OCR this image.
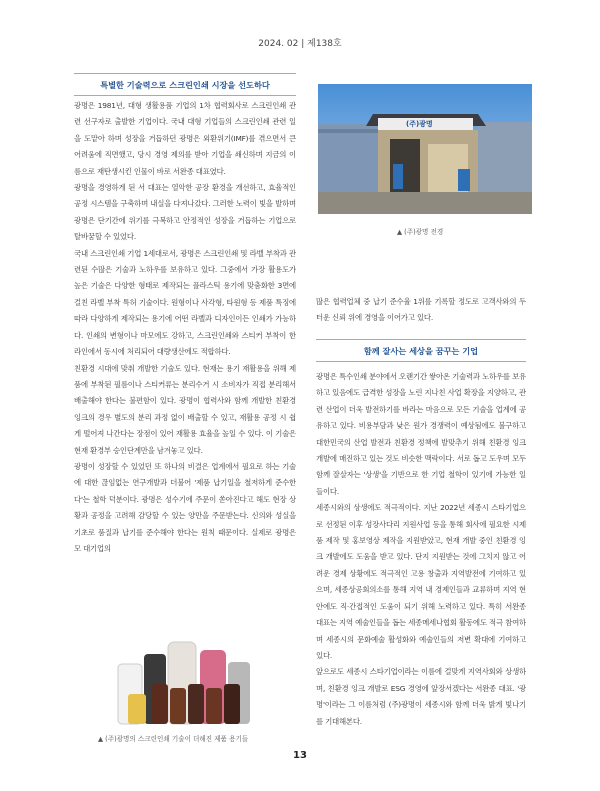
2024. 02 | 제138호
특별한 기술력으로 스크린인쇄 시장을 선도하다

광명은 1981년, 대형 생활용품 기업의 1차 협력회사로 스크린인쇄 관련 선구자로 출발한 기업이다. 국내 대형 기업들의 스크린인쇄 관련 일을 도맡아 하며 성장을 거듭하던 광명은 외환위기(IMF)를 겪으면서 큰 어려움에 직면했고, 당시 경영 제의를 받아 기업을 쇄신하며 지금의 이름으로 재탄생시킨 인물이 바로 서완종 대표였다.

광명을 경영하게 된 서 대표는 열악한 공장 환경을 개선하고, 효율적인 공정 시스템을 구축하며 내실을 다져나갔다. 그러한 노력이 빛을 발하며 광명은 단기간에 위기를 극복하고 안정적인 성장을 거듭하는 기업으로 탈바꿈할 수 있었다.

국내 스크린인쇄 기업 1세대로서, 광명은 스크린인쇄 및 라벨 부착과 관련된 수많은 기술과 노하우를 보유하고 있다. 그중에서 가장 활용도가 높은 기술은 다양한 형태로 제작되는 플라스틱 용기에 맞춤화한 3면에 걸친 라벨 부착 특허 기술이다. 원형이나 사각형, 타원형 등 제품 특징에 따라 다양하게 제작되는 용기에 어떤 라벨과 디자인이든 인쇄가 가능하다. 인쇄의 변형이나 마모에도 강하고, 스크린인쇄와 스티커 부착이 한 라인에서 동시에 처리되어 대량생산에도 적합하다.

친환경 시대에 맞춰 개발한 기술도 있다. 현재는 용기 재활용을 위해 제품에 부착된 필름이나 스티커류는 분리수거 시 소비자가 직접 분리해서 배출해야 한다는 불편함이 있다. 광명이 협력사와 함께 개발한 친환경 잉크의 경우 별도의 분리 과정 없이 배출할 수 있고, 재활용 공정 시 쉽게 떨어져 나간다는 장점이 있어 재활용 효율을 높일 수 있다. 이 기술은 현재 환경부 승인단계만을 남겨놓고 있다.

광명이 성장할 수 있었던 또 하나의 비결은 업계에서 필요로 하는 기술에 대한 끊임없는 연구개발과 더불어 '제품 납기일을 철저하게 준수한다'는 철학 덕분이다. 광명은 성수기에 주문이 쏟아진다고 해도 현장 상황과 공정을 고려해 감당할 수 있는 양만을 주문받는다. 신의와 성실을 기초로 품질과 납기를 준수해야 한다는 원칙 때문이다. 실제로 광명은 모 대기업의

(주)광명
▲ (주)광명 전경
많은 협력업체 중 납기 준수율 1위를 기록할 정도로 고객사와의 두터운 신뢰 위에 경영을 이어가고 있다.
함께 잘사는 세상을 꿈꾸는 기업

광명은 특수인쇄 분야에서 오랜기간 쌓아온 기술력과 노하우를 보유하고 있음에도 급격한 성장을 노린 지나친 사업 확장을 지양하고, 관련 산업이 더욱 발전하기를 바라는 마음으로 모든 기술을 업계에 공유하고 있다. 비용부담과 낮은 원가 경쟁력이 예상됨에도 불구하고 대한민국의 산업 발전과 친환경 정책에 발맞추기 위해 친환경 잉크 개발에 매진하고 있는 것도 비슷한 맥락이다. 서로 돕고 도우며 모두 함께 잘살자는 '상생'을 기반으로 한 기업 철학이 있기에 가능한 일들이다.

세종시와의 상생에도 적극적이다. 지난 2022년 세종시 스타기업으로 선정된 이후 성장사다리 지원사업 등을 통해 회사에 필요한 시제품 제작 및 홍보영상 제작을 지원받았고, 현재 개발 중인 친환경 잉크 개발에도 도움을 받고 있다. 단지 지원받는 것에 그치지 않고 어려운 경제 상황에도 적극적인 고용 창출과 지역발전에 기여하고 있으며, 세종상공회의소를 통해 지역 내 경제인들과 교류하며 지역 현안에도 직·간접적인 도움이 되기 위해 노력하고 있다. 특히 서완종 대표는 지역 예술인들을 돕는 세종메세나협회 활동에도 적극 참여하며 세종시의 문화예술 활성화와 예술인들의 저변 확대에 기여하고 있다.

앞으로도 세종시 스타기업이라는 이름에 걸맞게 지역사회와 상생하며, 친환경 잉크 개발로 ESG 경영에 앞장서겠다는 서완종 대표. '광명'이라는 그 이름처럼 (주)광명이 세종시와 함께 더욱 밝게 빛나기를 기대해본다.

▲ (주)광명의 스크린인쇄 기술이 더해진 제품 용기들
13
